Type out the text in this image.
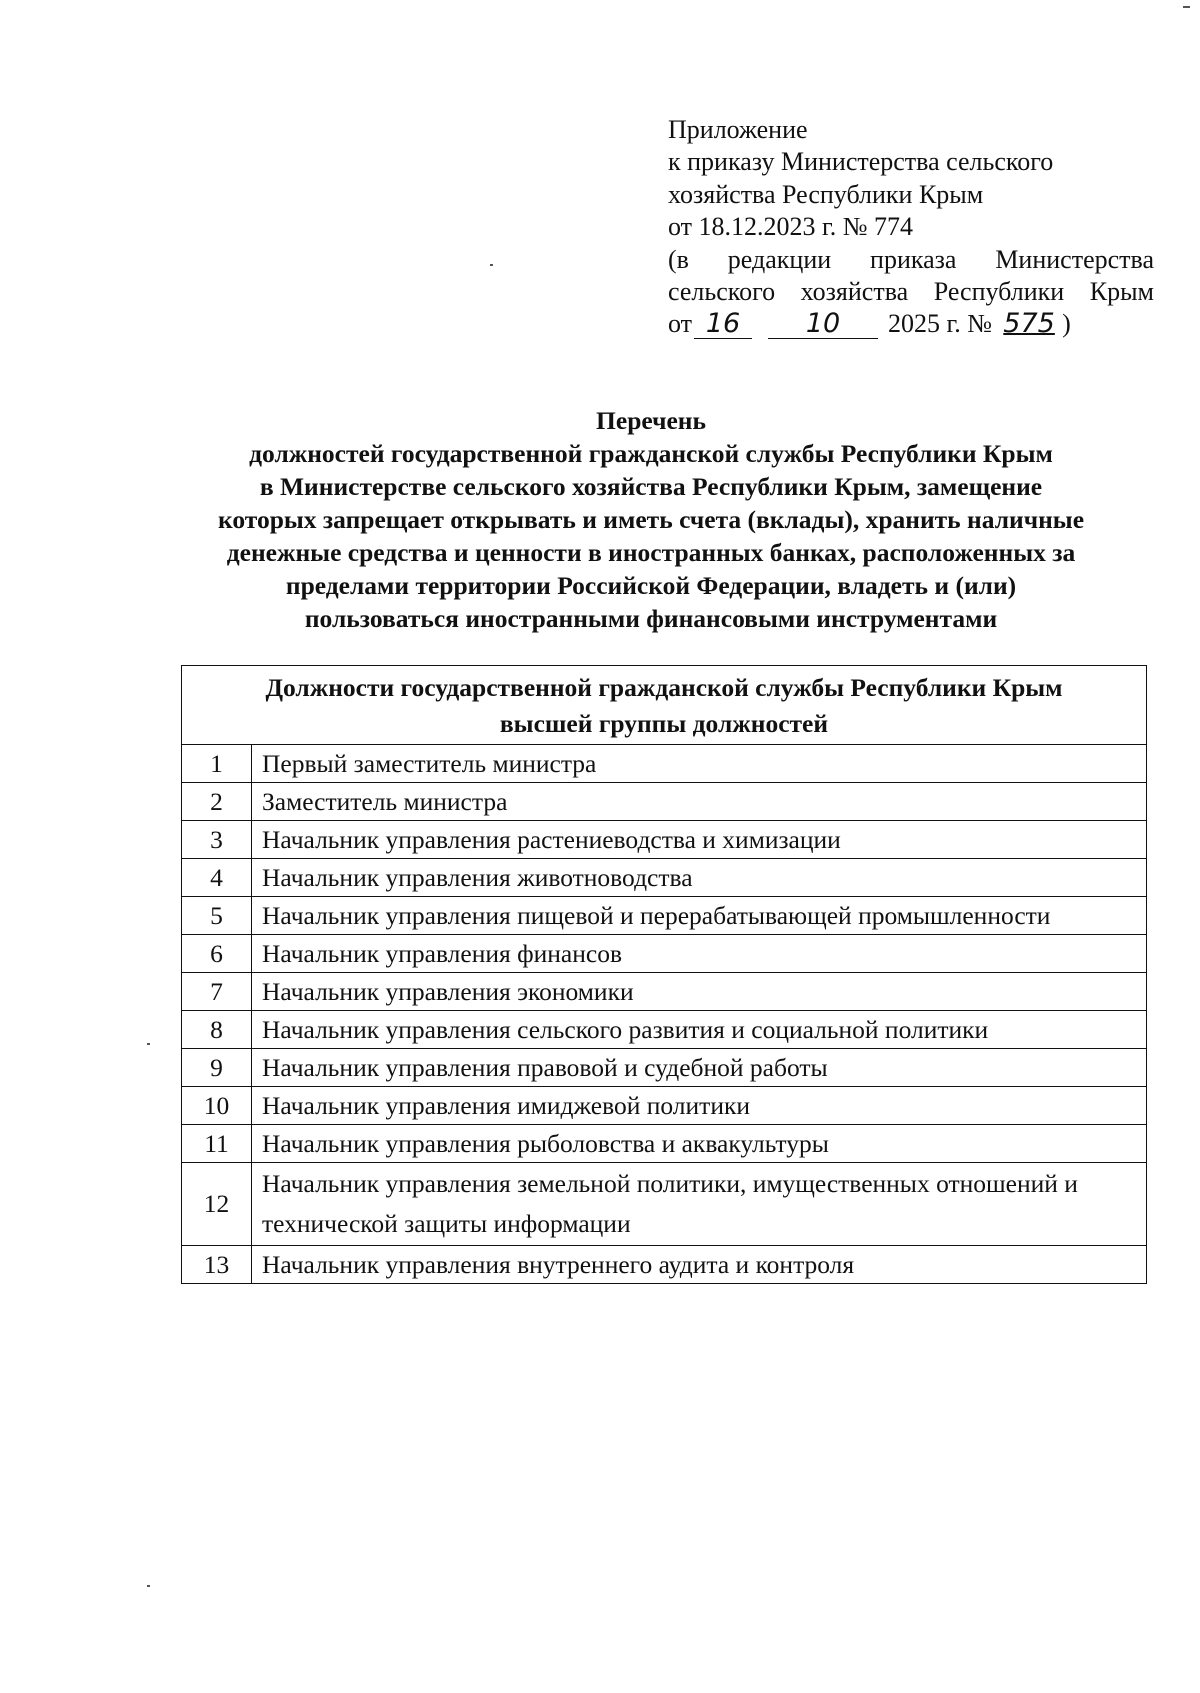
Приложение
к приказу Министерства сельского
хозяйства Республики Крым
от 18.12.2023 г. № 774
(в редакции приказа Министерства
сельского хозяйства Республики Крым
от 16	10	2025 г. № 575 )
Перечень
должностей государственной гражданской службы Республики Крым
в Министерстве сельского хозяйства Республики Крым, замещение
которых запрещает открывать и иметь счета (вклады), хранить наличные
денежные средства и ценности в иностранных банках, расположенных за
пределами территории Российской Федерации, владеть и (или)
пользоваться иностранными финансовыми инструментами
Должности государственной гражданской службы Республики Крым
высшей группы должностей	
1	Первый заместитель министра
2	Заместитель министра
3	Начальник управления растениеводства и химизации
4	Начальник управления животноводства
5	Начальник управления пищевой и перерабатывающей промышленности
6	Начальник управления финансов
7	Начальник управления экономики
8	Начальник управления сельского развития и социальной политики
9	Начальник управления правовой и судебной работы
10	Начальник управления имиджевой политики
11	Начальник управления рыболовства и аквакультуры
12	Начальник управления земельной политики, имущественных отношений и технической защиты информации
13	Начальник управления внутреннего аудита и контроля
